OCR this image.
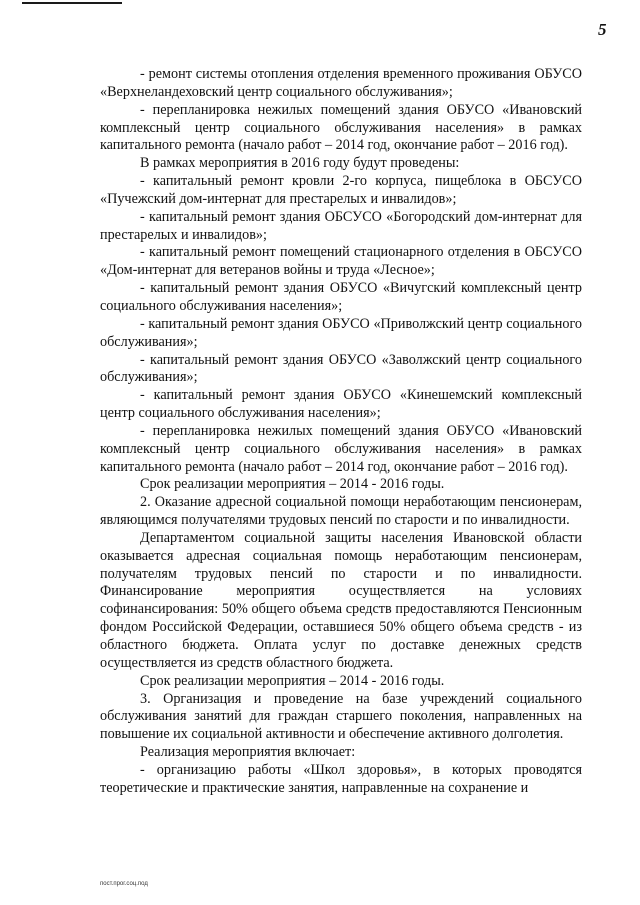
5

- ремонт системы отопления отделения временного проживания ОБУСО «Верхнеландеховский центр социального обслуживания»;

- перепланировка нежилых помещений здания ОБУСО «Ивановский комплексный центр социального обслуживания населения» в рамках капитального ремонта (начало работ – 2014 год, окончание работ – 2016 год).

В рамках мероприятия в 2016 году будут проведены:

- капитальный ремонт кровли 2-го корпуса, пищеблока в ОБСУСО «Пучежский дом-интернат для престарелых и инвалидов»;

- капитальный ремонт здания ОБСУСО «Богородский дом-интернат для престарелых и инвалидов»;

- капитальный ремонт помещений стационарного отделения в ОБСУСО «Дом-интернат для ветеранов войны и труда «Лесное»;

- капитальный ремонт здания ОБУСО «Вичугский комплексный центр социального обслуживания населения»;

- капитальный ремонт здания ОБУСО «Приволжский центр социального обслуживания»;

- капитальный ремонт здания ОБУСО «Заволжский центр социального обслуживания»;

- капитальный ремонт здания ОБУСО «Кинешемский комплексный центр социального обслуживания населения»;

- перепланировка нежилых помещений здания ОБУСО «Ивановский комплексный центр социального обслуживания населения» в рамках капитального ремонта (начало работ – 2014 год, окончание работ – 2016 год).

Срок реализации мероприятия – 2014 - 2016 годы.

2. Оказание адресной социальной помощи неработающим пенсионерам, являющимся получателями трудовых пенсий по старости и по инвалидности.

Департаментом социальной защиты населения Ивановской области оказывается адресная социальная помощь неработающим пенсионерам, получателям трудовых пенсий по старости и по инвалидности. Финансирование мероприятия осуществляется на условиях софинансирования: 50% общего объема средств предоставляются Пенсионным фондом Российской Федерации, оставшиеся 50% общего объема средств - из областного бюджета. Оплата услуг по доставке денежных средств осуществляется из средств областного бюджета.

Срок реализации мероприятия – 2014 - 2016 годы.

3. Организация и проведение на базе учреждений социального обслуживания занятий для граждан старшего поколения, направленных на повышение их социальной активности и обеспечение активного долголетия.

Реализация мероприятия включает:

- организацию работы «Школ здоровья», в которых проводятся теоретические и практические занятия, направленные на сохранение и

пост.прог.соц.под
